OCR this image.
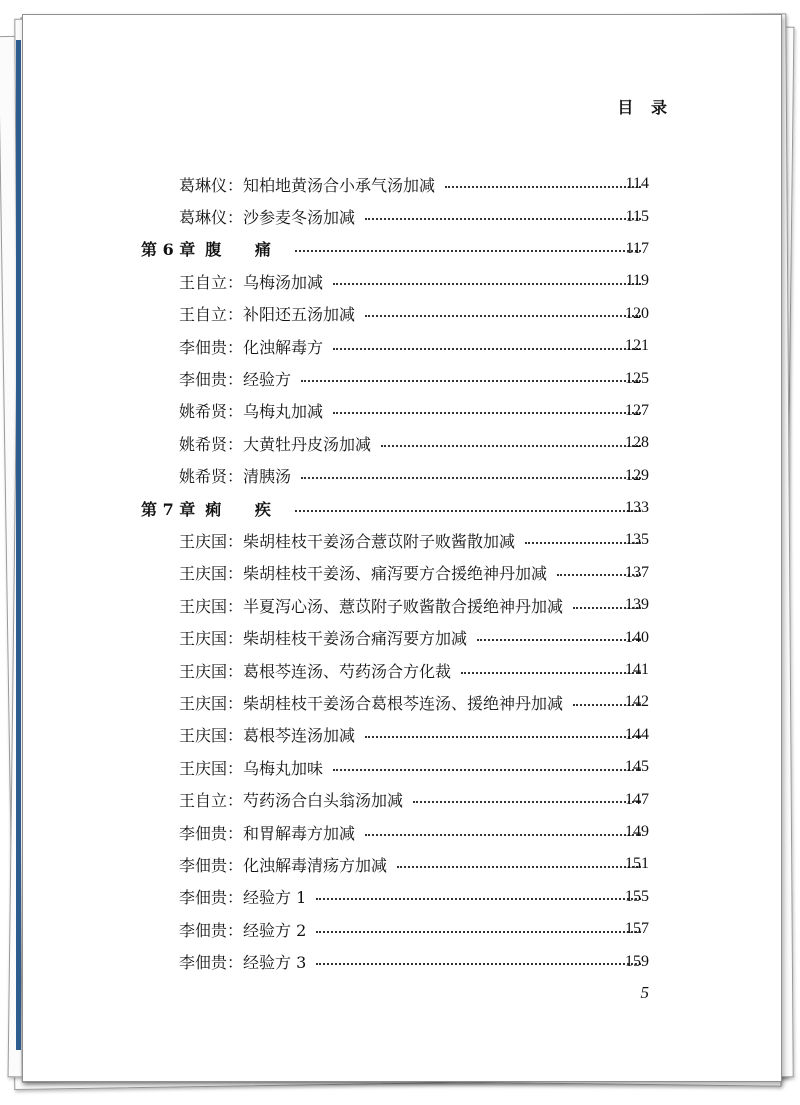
目 录
葛琳仪：知柏地黄汤合小承气汤加减	114
葛琳仪：沙参麦冬汤加减	115
第 6 章 腹 痛	117
王自立：乌梅汤加减	119
王自立：补阳还五汤加减	120
李佃贵：化浊解毒方	121
李佃贵：经验方	125
姚希贤：乌梅丸加减	127
姚希贤：大黄牡丹皮汤加减	128
姚希贤：清胰汤	129
第 7 章 痢 疾	133
王庆国：柴胡桂枝干姜汤合薏苡附子败酱散加减	135
王庆国：柴胡桂枝干姜汤、痛泻要方合援绝神丹加减	137
王庆国：半夏泻心汤、薏苡附子败酱散合援绝神丹加减	139
王庆国：柴胡桂枝干姜汤合痛泻要方加减	140
王庆国：葛根芩连汤、芍药汤合方化裁	141
王庆国：柴胡桂枝干姜汤合葛根芩连汤、援绝神丹加减	142
王庆国：葛根芩连汤加减	144
王庆国：乌梅丸加味	145
王自立：芍药汤合白头翁汤加减	147
李佃贵：和胃解毒方加减	149
李佃贵：化浊解毒清疡方加减	151
李佃贵：经验方 1	155
李佃贵：经验方 2	157
李佃贵：经验方 3	159
5
